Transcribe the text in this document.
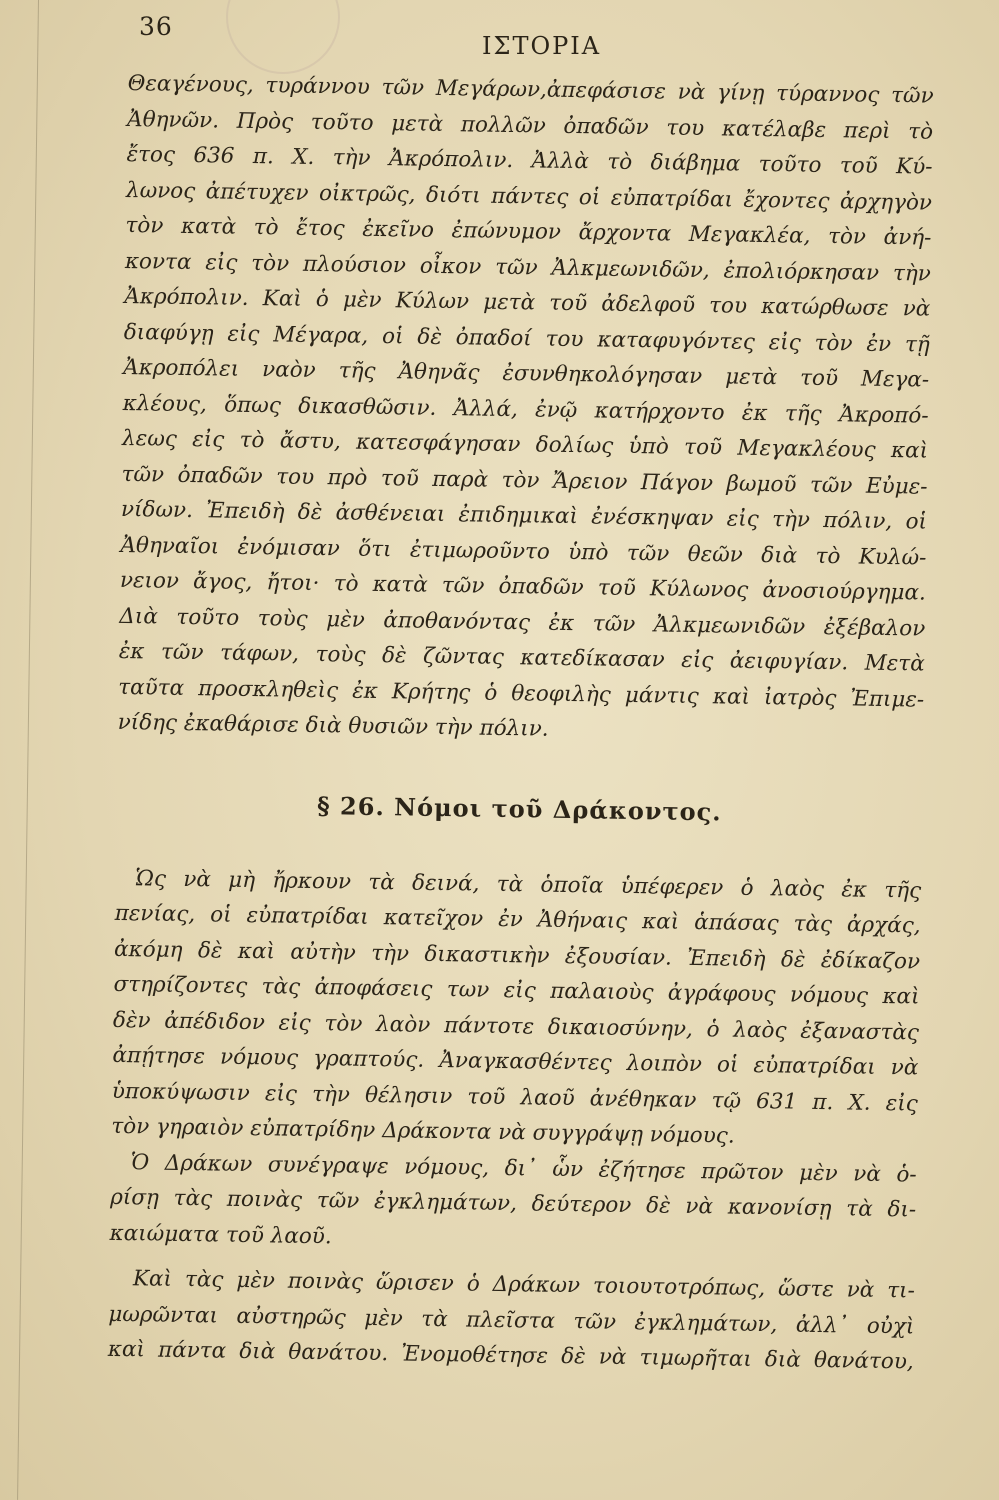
36
ΙΣΤΟΡΙΑ
Θεαγένους, τυράννου τῶν Μεγάρων,ἀπεφάσισε νὰ γίνῃ τύραννος τῶν
Ἀθηνῶν. Πρὸς τοῦτο μετὰ πολλῶν ὀπαδῶν του κατέλαβε περὶ τὸ
ἔτος 636 π. Χ. τὴν Ἀκρόπολιν. Ἀλλὰ τὸ διάβημα τοῦτο τοῦ Κύ-
λωνος ἀπέτυχεν οἰκτρῶς, διότι πάντες οἱ εὐπατρίδαι ἔχοντες ἀρχηγὸν
τὸν κατὰ τὸ ἔτος ἐκεῖνο ἐπώνυμον ἄρχοντα Μεγακλέα, τὸν ἀνή-
κοντα εἰς τὸν πλούσιον οἶκον τῶν Ἀλκμεωνιδῶν, ἐπολιόρκησαν τὴν
Ἀκρόπολιν. Καὶ ὁ μὲν Κύλων μετὰ τοῦ ἀδελφοῦ του κατώρθωσε νὰ
διαφύγῃ εἰς Μέγαρα, οἱ δὲ ὀπαδοί του καταφυγόντες εἰς τὸν ἐν τῇ
Ἀκροπόλει ναὸν τῆς Ἀθηνᾶς ἐσυνθηκολόγησαν μετὰ τοῦ Μεγα-
κλέους, ὅπως δικασθῶσιν. Ἀλλά, ἐνῷ κατήρχοντο ἐκ τῆς Ἀκροπό-
λεως εἰς τὸ ἄστυ, κατεσφάγησαν δολίως ὑπὸ τοῦ Μεγακλέους καὶ
τῶν ὀπαδῶν του πρὸ τοῦ παρὰ τὸν Ἄρειον Πάγον βωμοῦ τῶν Εὐμε-
νίδων. Ἐπειδὴ δὲ ἀσθένειαι ἐπιδημικαὶ ἐνέσκηψαν εἰς τὴν πόλιν, οἱ
Ἀθηναῖοι ἐνόμισαν ὅτι ἐτιμωροῦντο ὑπὸ τῶν θεῶν διὰ τὸ Κυλώ-
νειον ἄγος, ἤτοι· τὸ κατὰ τῶν ὀπαδῶν τοῦ Κύλωνος ἀνοσιούργημα.
Διὰ τοῦτο τοὺς μὲν ἀποθανόντας ἐκ τῶν Ἀλκμεωνιδῶν ἐξέβαλον
ἐκ τῶν τάφων, τοὺς δὲ ζῶντας κατεδίκασαν εἰς ἀειφυγίαν. Μετὰ
ταῦτα προσκληθεὶς ἐκ Κρήτης ὁ θεοφιλὴς μάντις καὶ ἰατρὸς Ἐπιμε-
νίδης ἐκαθάρισε διὰ θυσιῶν τὴν πόλιν.
§ 26. Νόμοι τοῦ Δράκοντος.
Ὡς νὰ μὴ ἤρκουν τὰ δεινά, τὰ ὁποῖα ὑπέφερεν ὁ λαὸς ἐκ τῆς
πενίας, οἱ εὐπατρίδαι κατεῖχον ἐν Ἀθήναις καὶ ἁπάσας τὰς ἀρχάς,
ἀκόμη δὲ καὶ αὐτὴν τὴν δικαστικὴν ἐξουσίαν. Ἐπειδὴ δὲ ἐδίκαζον
στηρίζοντες τὰς ἀποφάσεις των εἰς παλαιοὺς ἀγράφους νόμους καὶ
δὲν ἀπέδιδον εἰς τὸν λαὸν πάντοτε δικαιοσύνην, ὁ λαὸς ἐξαναστὰς
ἀπῄτησε νόμους γραπτούς. Ἀναγκασθέντες λοιπὸν οἱ εὐπατρίδαι νὰ
ὑποκύψωσιν εἰς τὴν θέλησιν τοῦ λαοῦ ἀνέθηκαν τῷ 631 π. Χ. εἰς
τὸν γηραιὸν εὐπατρίδην Δράκοντα νὰ συγγράψῃ νόμους.
Ὁ Δράκων συνέγραψε νόμους, δι᾿ ὧν ἐζήτησε πρῶτον μὲν νὰ ὁ-
ρίσῃ τὰς ποινὰς τῶν ἐγκλημάτων, δεύτερον δὲ νὰ κανονίσῃ τὰ δι-
καιώματα τοῦ λαοῦ.
Καὶ τὰς μὲν ποινὰς ὥρισεν ὁ Δράκων τοιουτοτρόπως, ὥστε νὰ τι-
μωρῶνται αὐστηρῶς μὲν τὰ πλεῖστα τῶν ἐγκλημάτων, ἀλλ᾿ οὐχὶ
καὶ πάντα διὰ θανάτου. Ἐνομοθέτησε δὲ νὰ τιμωρῆται διὰ θανάτου,
